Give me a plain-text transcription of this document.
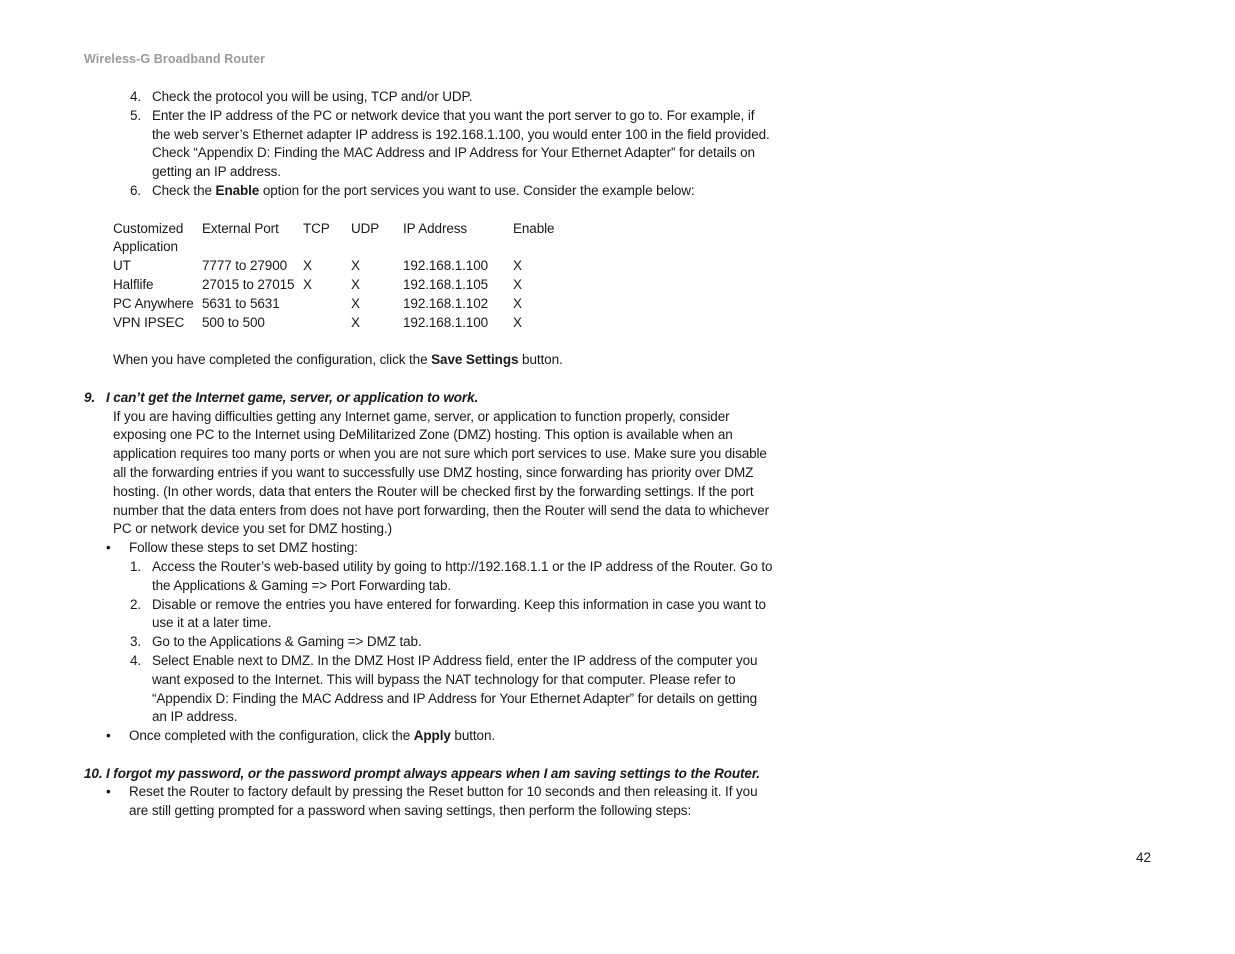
Wireless-G Broadband Router
4. Check the protocol you will be using, TCP and/or UDP.
5. Enter the IP address of the PC or network device that you want the port server to go to. For example, if the web server’s Ethernet adapter IP address is 192.168.1.100, you would enter 100 in the field provided. Check “Appendix D: Finding the MAC Address and IP Address for Your Ethernet Adapter” for details on getting an IP address.
6. Check the Enable option for the port services you want to use. Consider the example below:
Customized Application	External Port	TCP	UDP	IP Address	Enable
UT	7777 to 27900	X	X	192.168.1.100	X
Halflife	27015 to 27015	X	X	192.168.1.105	X
PC Anywhere	5631 to 5631		X	192.168.1.102	X
VPN IPSEC	500 to 500		X	192.168.1.100	X
When you have completed the configuration, click the Save Settings button.
9. I can’t get the Internet game, server, or application to work.
If you are having difficulties getting any Internet game, server, or application to function properly, consider exposing one PC to the Internet using DeMilitarized Zone (DMZ) hosting. This option is available when an application requires too many ports or when you are not sure which port services to use. Make sure you disable all the forwarding entries if you want to successfully use DMZ hosting, since forwarding has priority over DMZ hosting. (In other words, data that enters the Router will be checked first by the forwarding settings. If the port number that the data enters from does not have port forwarding, then the Router will send the data to whichever PC or network device you set for DMZ hosting.)
• Follow these steps to set DMZ hosting:
1. Access the Router’s web-based utility by going to http://192.168.1.1 or the IP address of the Router. Go to the Applications & Gaming => Port Forwarding tab.
2. Disable or remove the entries you have entered for forwarding. Keep this information in case you want to use it at a later time.
3. Go to the Applications & Gaming => DMZ tab.
4. Select Enable next to DMZ. In the DMZ Host IP Address field, enter the IP address of the computer you want exposed to the Internet. This will bypass the NAT technology for that computer. Please refer to “Appendix D: Finding the MAC Address and IP Address for Your Ethernet Adapter” for details on getting an IP address.
• Once completed with the configuration, click the Apply button.
10. I forgot my password, or the password prompt always appears when I am saving settings to the Router.
• Reset the Router to factory default by pressing the Reset button for 10 seconds and then releasing it. If you are still getting prompted for a password when saving settings, then perform the following steps:
42
